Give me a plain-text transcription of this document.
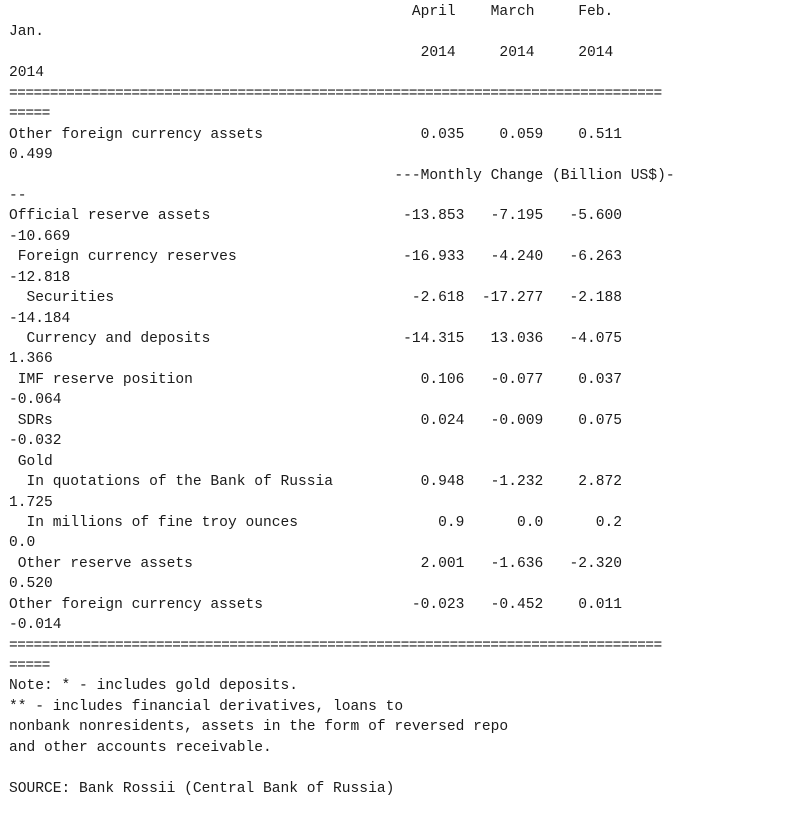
April    March     Feb.
Jan.
2014     2014     2014
2014
================================================================================
=====
Other foreign currency assets                  0.035    0.059    0.511
0.499
---Monthly Change (Billion US$)-
--
Official reserve assets                      -13.853   -7.195   -5.600
-10.669
Foreign currency reserves                   -16.933   -4.240   -6.263
-12.818
Securities                                  -2.618  -17.277   -2.188
-14.184
Currency and deposits                      -14.315   13.036   -4.075
1.366
IMF reserve position                          0.106   -0.077    0.037
-0.064
SDRs                                          0.024   -0.009    0.075
-0.032
Gold
In quotations of the Bank of Russia          0.948   -1.232    2.872
1.725
In millions of fine troy ounces                0.9      0.0      0.2
0.0
Other reserve assets                          2.001   -1.636   -2.320
0.520
Other foreign currency assets                 -0.023   -0.452    0.011
-0.014
================================================================================
=====
Note: * - includes gold deposits.
** - includes financial derivatives, loans to
nonbank nonresidents, assets in the form of reversed repo
and other accounts receivable.
SOURCE: Bank Rossii (Central Bank of Russia)
